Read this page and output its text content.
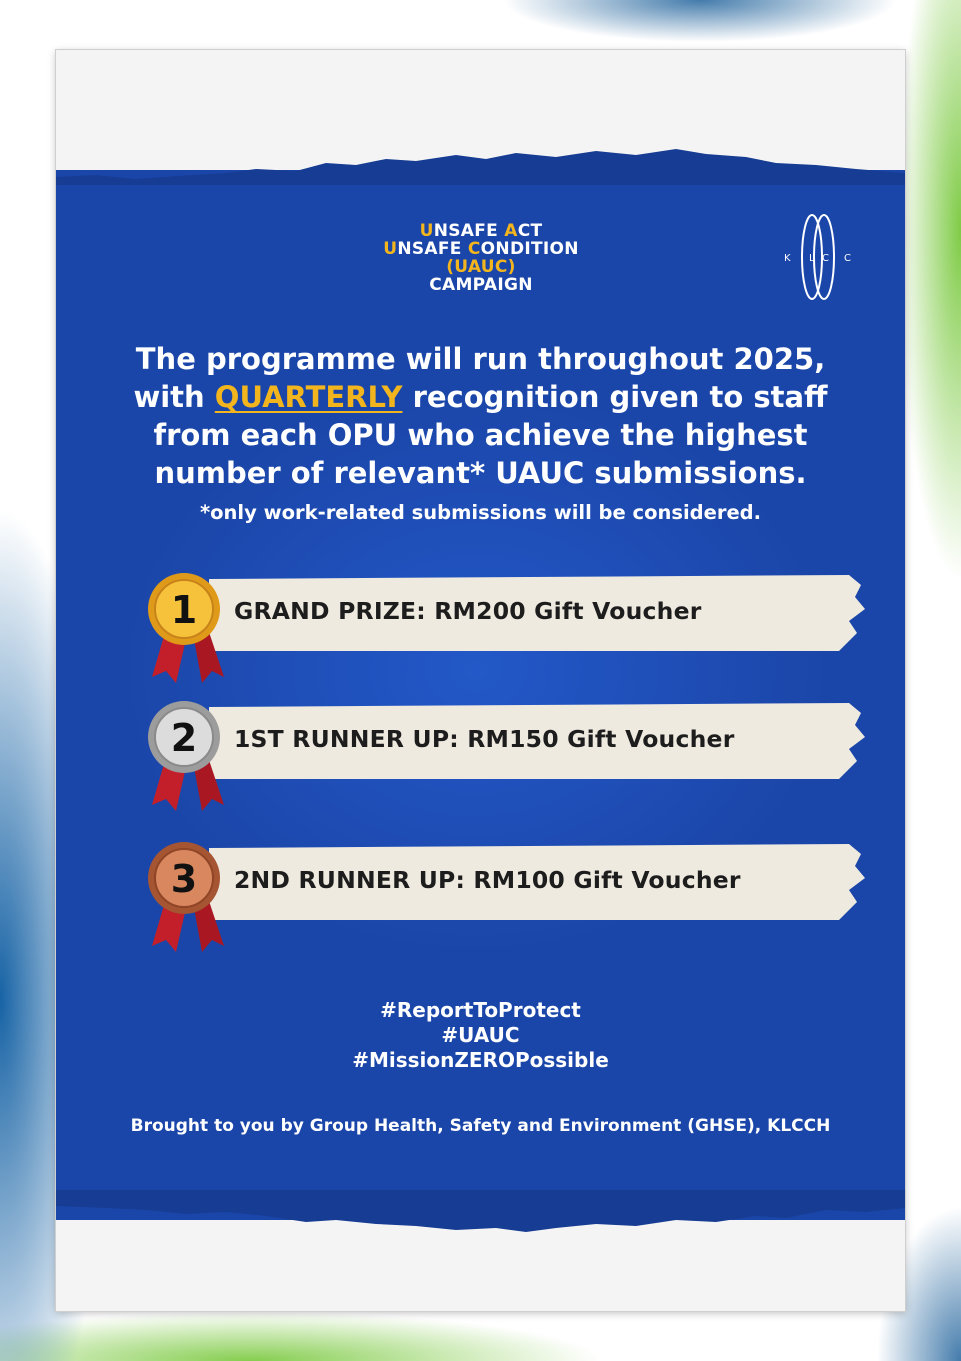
UNSAFE ACT
UNSAFE CONDITION
(UAUC)
CAMPAIGN
K L C C
The programme will run throughout 2025,
with QUARTERLY recognition given to staff
from each OPU who achieve the highest
number of relevant* UAUC submissions.
*only work-related submissions will be considered.
1 GRAND PRIZE: RM200 Gift Voucher
2 1ST RUNNER UP: RM150 Gift Voucher
3 2ND RUNNER UP: RM100 Gift Voucher
#ReportToProtect
#UAUC
#MissionZEROPossible
Brought to you by Group Health, Safety and Environment (GHSE), KLCCH
